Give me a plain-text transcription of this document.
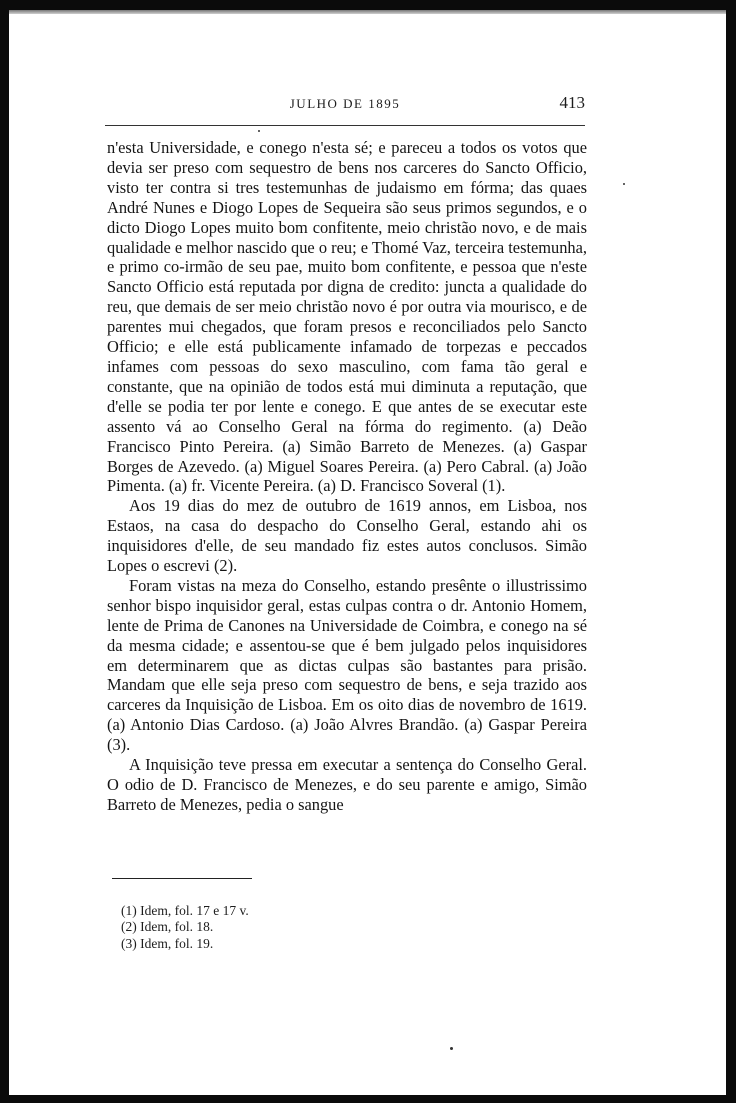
JULHO DE 1895	413

n'esta Universidade, e conego n'esta sé; e pareceu a todos os votos que devia ser preso com sequestro de bens nos carceres do Sancto Officio, visto ter contra si tres testemunhas de judaismo em fórma; das quaes André Nunes e Diogo Lopes de Sequeira são seus primos segundos, e o dicto Diogo Lopes muito bom confitente, meio christão novo, e de mais qualidade e melhor nascido que o reu; e Thomé Vaz, terceira testemunha, e primo co-irmão de seu pae, muito bom confitente, e pessoa que n'este Sancto Officio está reputada por digna de credito: juncta a qualidade do reu, que demais de ser meio christão novo é por outra via mourisco, e de parentes mui chegados, que foram presos e reconciliados pelo Sancto Officio; e elle está publicamente infamado de torpezas e peccados infames com pessoas do sexo masculino, com fama tão geral e constante, que na opinião de todos está mui diminuta a reputação, que d'elle se podia ter por lente e conego. E que antes de se executar este assento vá ao Conselho Geral na fórma do regimento. (a) Deão Francisco Pinto Pereira. (a) Simão Barreto de Menezes. (a) Gaspar Borges de Azevedo. (a) Miguel Soares Pereira. (a) Pero Cabral. (a) João Pimenta. (a) fr. Vicente Pereira. (a) D. Francisco Soveral (1).

Aos 19 dias do mez de outubro de 1619 annos, em Lisboa, nos Estaos, na casa do despacho do Conselho Geral, estando ahi os inquisidores d'elle, de seu mandado fiz estes autos conclusos. Simão Lopes o escrevi (2).

Foram vistas na meza do Conselho, estando presênte o illustrissimo senhor bispo inquisidor geral, estas culpas contra o dr. Antonio Homem, lente de Prima de Canones na Universidade de Coimbra, e conego na sé da mesma cidade; e assentou-se que é bem julgado pelos inquisidores em determinarem que as dictas culpas são bastantes para prisão. Mandam que elle seja preso com sequestro de bens, e seja trazido aos carceres da Inquisição de Lisboa. Em os oito dias de novembro de 1619. (a) Antonio Dias Cardoso. (a) João Alvres Brandão. (a) Gaspar Pereira (3).

A Inquisição teve pressa em executar a sentença do Conselho Geral. O odio de D. Francisco de Menezes, e do seu parente e amigo, Simão Barreto de Menezes, pedia o sangue

(1) Idem, fol. 17 e 17 v.
(2) Idem, fol. 18.
(3) Idem, fol. 19.
